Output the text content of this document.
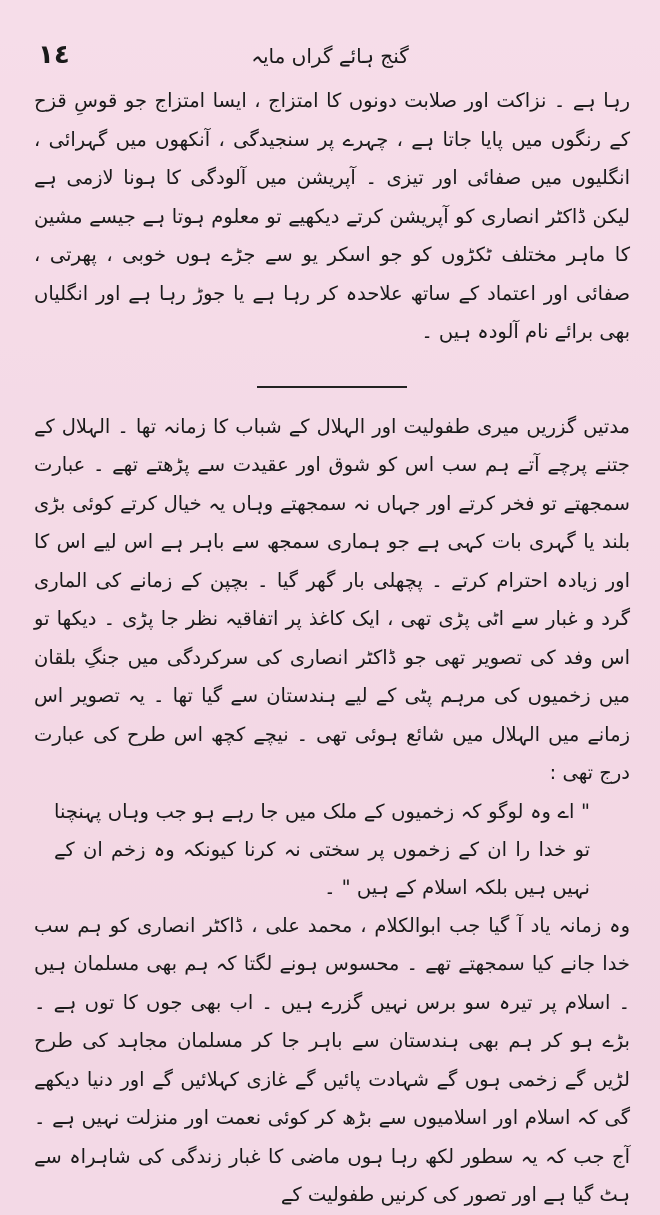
١٤	گنج ہائے گراں مایہ

رہا ہے ۔ نزاکت اور صلابت دونوں کا امتزاج ، ایسا امتزاج جو قوسِ قزح کے رنگوں میں پایا جاتا ہے ، چہرے پر سنجیدگی ، آنکھوں میں گہرائی ، انگلیوں میں صفائی اور تیزی ۔ آپریشن میں آلودگی کا ہونا لازمی ہے لیکن ڈاکٹر انصاری کو آپریشن کرتے دیکھیے تو معلوم ہوتا ہے جیسے مشین کا ماہر مختلف ٹکڑوں کو جو اسکر یو سے جڑے ہوں خوبی ، پھرتی ، صفائی اور اعتماد کے ساتھ علاحدہ کر رہا ہے یا جوڑ رہا ہے اور انگلیاں بھی برائے نام آلودہ ہیں ۔

مدتیں گزریں میری طفولیت اور الہلال کے شباب کا زمانہ تھا ۔ الہلال کے جتنے پرچے آتے ہم سب اس کو شوق اور عقیدت سے پڑھتے تھے ۔ عبارت سمجھتے تو فخر کرتے اور جہاں نہ سمجھتے وہاں یہ خیال کرتے کوئی بڑی بلند یا گہری بات کہی ہے جو ہماری سمجھ سے باہر ہے اس لیے اس کا اور زیادہ احترام کرتے ۔ پچھلی بار گھر گیا ۔ بچپن کے زمانے کی الماری گرد و غبار سے اٹی پڑی تھی ، ایک کاغذ پر اتفاقیہ نظر جا پڑی ۔ دیکھا تو اس وفد کی تصویر تھی جو ڈاکٹر انصاری کی سرکردگی میں جنگِ بلقان میں زخمیوں کی مرہم پٹی کے لیے ہندستان سے گیا تھا ۔ یہ تصویر اس زمانے میں الہلال میں شائع ہوئی تھی ۔ نیچے کچھ اس طرح کی عبارت درج تھی :

" اے وہ لوگو کہ زخمیوں کے ملک میں جا رہے ہو جب وہاں پہنچنا تو خدا را ان کے زخموں پر سختی نہ کرنا کیونکہ وہ زخم ان کے نہیں ہیں بلکہ اسلام کے ہیں " ۔

وہ زمانہ یاد آ گیا جب ابوالکلام ، محمد علی ، ڈاکٹر انصاری کو ہم سب خدا جانے کیا سمجھتے تھے ۔ محسوس ہونے لگتا کہ ہم بھی مسلمان ہیں ۔ اسلام پر تیرہ سو برس نہیں گزرے ہیں ۔ اب بھی جوں کا توں ہے ۔ بڑے ہو کر ہم بھی ہندستان سے باہر جا کر مسلمان مجاہد کی طرح لڑیں گے زخمی ہوں گے شہادت پائیں گے غازی کہلائیں گے اور دنیا دیکھے گی کہ اسلام اور اسلامیوں سے بڑھ کر کوئی نعمت اور منزلت نہیں ہے ۔ آج جب کہ یہ سطور لکھ رہا ہوں ماضی کا غبار زندگی کی شاہراہ سے ہٹ گیا ہے اور تصور کی کرنیں طفولیت کے
